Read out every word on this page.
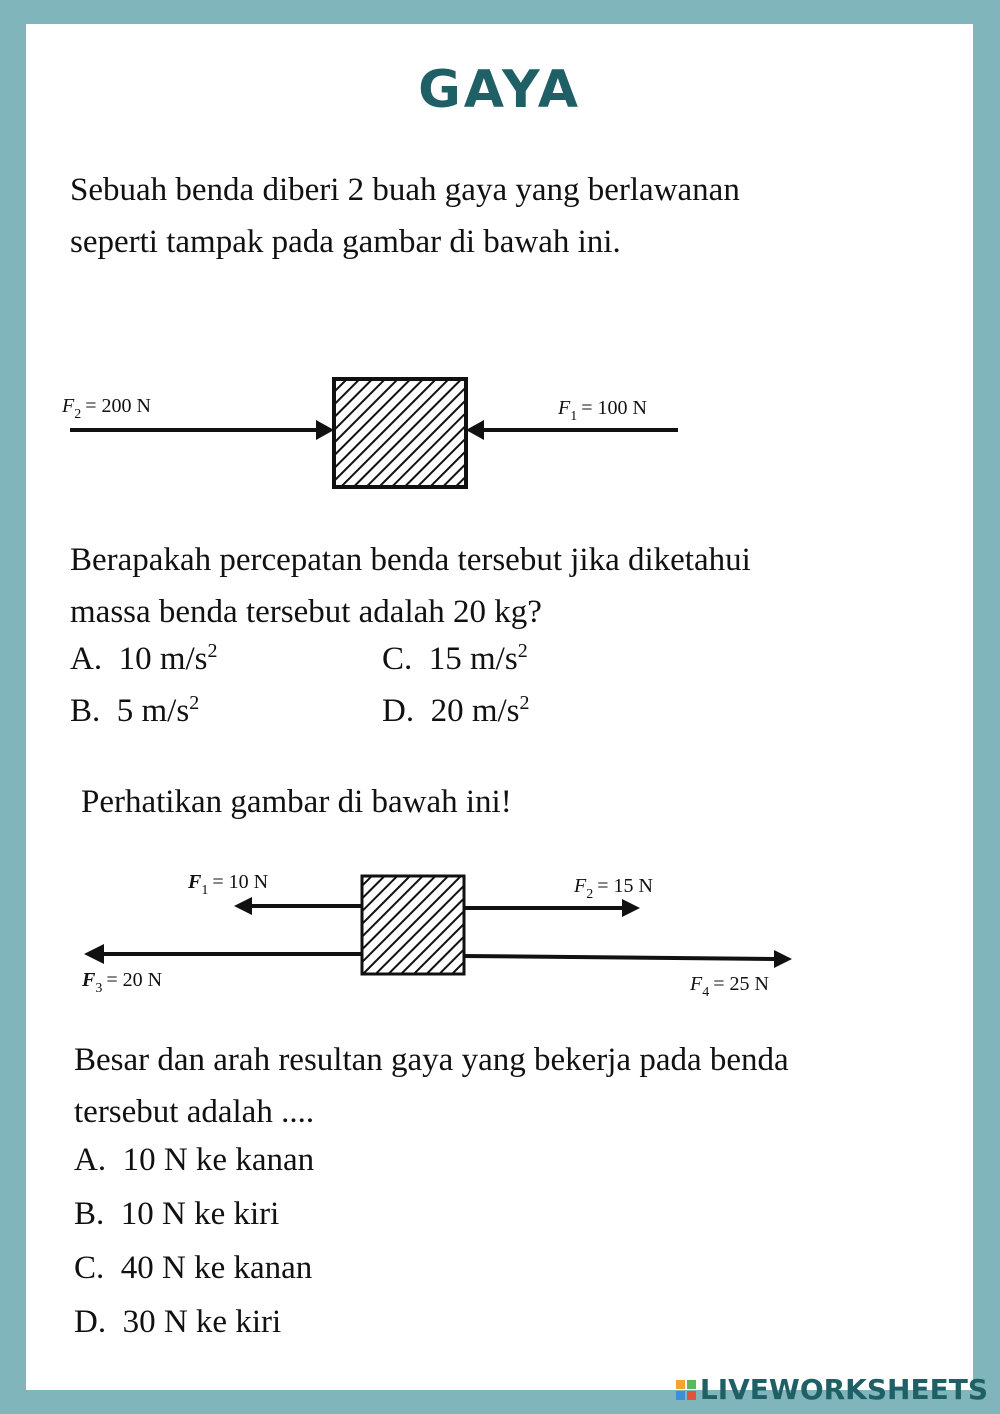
GAYA

Sebuah benda diberi 2 buah gaya yang berlawanan seperti tampak pada gambar di bawah ini.

$F_2 = 200$ N	$F_1 = 100$ N

Berapakah percepatan benda tersebut jika diketahui massa benda tersebut adalah 20 kg?

A. 10 $m/s^2$
B. 5 $m/s^2$
C. 15 $m/s^2$
D. 20 $m/s^2$

Perhatikan gambar di bawah ini!

$F_1 = 10$ N	$F_2 = 15$ N
$F_3 = 20$ N	$F_4 = 25$ N

Besar dan arah resultan gaya yang bekerja pada benda tersebut adalah ....

A. 10 N ke kanan
B. 10 N ke kiri
C. 40 N ke kanan
D. 30 N ke kiri
LIVEWORKSHEETS
